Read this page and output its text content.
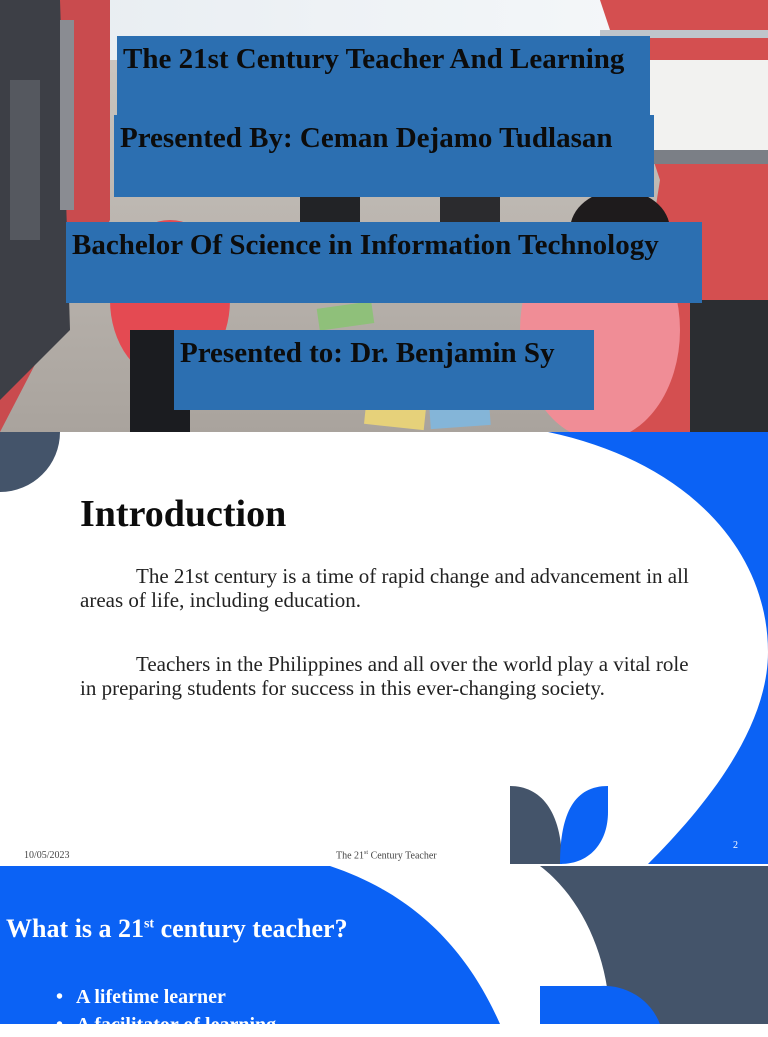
The 21st Century Teacher And Learning
Presented By: Ceman Dejamo Tudlasan
Bachelor Of Science in Information Technology
Presented to: Dr. Benjamin Sy
Introduction

The 21st century is a time of rapid change and advancement in all areas of life, including education.

Teachers in the Philippines and all over the world play a vital role in preparing students for success in this ever-changing society.

10/05/2023	The 21st Century Teacher
2
What is a 21st century teacher?
• A lifetime learner
• A facilitator of learning
